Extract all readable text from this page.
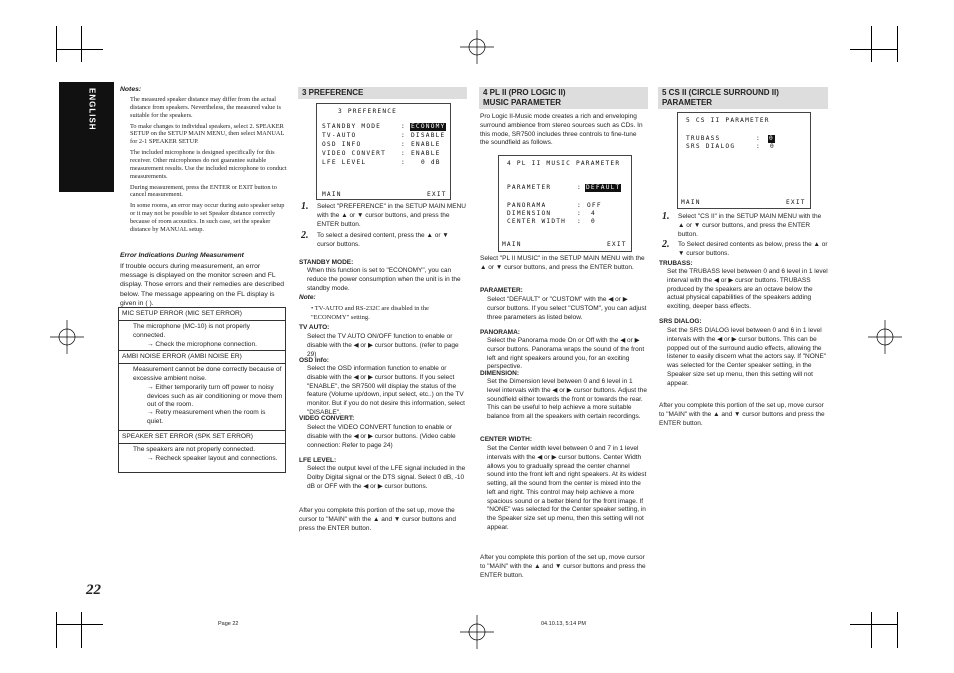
ENGLISH
22
Notes:
The measured speaker distance may differ from the actual distance from speakers. Nevertheless, the measured value is suitable for the speakers.
To make changes to individual speakers, select 2. SPEAKER SETUP on the SETUP MAIN MENU, then select MANUAL for 2-1 SPEAKER SETUP.
The included microphone is designed specifically for this receiver. Other microphones do not guarantee suitable measurement results. Use the included microphone to conduct measurements.
During measurement, press the ENTER or EXIT button to cancel measurement.
In some rooms, an error may occur during auto speaker setup or it may not be possible to set Speaker distance correctly because of room acoustics. In such case, set the speaker distance by MANUAL setup.
Error Indications During Measurement
If trouble occurs during measurement, an error message is displayed on the monitor screen and FL display. Those errors and their remedies are described below. The message appearing on the FL display is given in ( ).
MIC SETUP ERROR (MIC SET ERROR)
The microphone (MC-10) is not properly connected.
→ Check the microphone connection.
AMBI NOISE ERROR (AMBI NOISE ER)
Measurement cannot be done correctly because of excessive ambient noise.
→ Either temporarily turn off power to noisy devices such as air conditioning or move them out of the room.
→ Retry measurement when the room is quiet.
SPEAKER SET ERROR (SPK SET ERROR)
The speakers are not properly connected.
→ Recheck speaker layout and connections.
3 PREFERENCE
3 PREFERENCE
STANDBY MODE	: ECONOMY
TV-AUTO	: DISABLE
OSD INFO	: ENABLE
VIDEO CONVERT : ENABLE
LFE LEVEL	: 0 dB
MAIN	EXIT
1. Select "PREFERENCE" in the SETUP MAIN MENU with the ▲ or ▼ cursor buttons, and press the ENTER button.
2. To select a desired content, press the ▲ or ▼ cursor buttons.
STANDBY MODE:
When this function is set to "ECONOMY", you can reduce the power consumption when the unit is in the standby mode.
Note:
• TV-AUTO and RS-232C are disabled in the "ECONOMY" setting.
TV AUTO:
Select the TV AUTO ON/OFF function to enable or disable with the ◀ or ▶ cursor buttons. (refer to page 29)
OSD Info:
Select the OSD information function to enable or disable with the ◀ or ▶ cursor buttons. If you select "ENABLE", the SR7500 will display the status of the feature (Volume up/down, input select, etc..) on the TV monitor. But if you do not desire this information, select "DISABLE".
VIDEO CONVERT:
Select the VIDEO CONVERT function to enable or disable with the ◀ or ▶ cursor buttons. (Video cable connection: Refer to page 24)
LFE LEVEL:
Select the output level of the LFE signal included in the Dolby Digital signal or the DTS signal. Select 0 dB, -10 dB or OFF with the ◀ or ▶ cursor buttons.
After you complete this portion of the set up, move the cursor to "MAIN" with the ▲ and ▼ cursor buttons and press the ENTER button.
4 PL II (PRO LOGIC II)
MUSIC PARAMETER
Pro Logic II-Music mode creates a rich and enveloping surround ambience from stereo sources such as CDs. In this mode, SR7500 includes three controls to fine-tune the soundfield as follows.
4 PL II MUSIC PARAMETER
PARAMETER	: DEFAULT
PANORAMA	: OFF
DIMENSION	: 4
CENTER WIDTH : 0
MAIN	EXIT
Select "PL II MUSIC" in the SETUP MAIN MENU with the ▲ or ▼ cursor buttons, and press the ENTER button.
PARAMETER:
Select "DEFAULT" or "CUSTOM" with the ◀ or ▶ cursor buttons. If you select "CUSTOM", you can adjust three parameters as listed below.
PANORAMA:
Select the Panorama mode On or Off with the ◀ or ▶ cursor buttons. Panorama wraps the sound of the front left and right speakers around you, for an exciting perspective.
DIMENSION:
Set the Dimension level between 0 and 6 level in 1 level intervals with the ◀ or ▶ cursor buttons. Adjust the soundfield either towards the front or towards the rear. This can be useful to help achieve a more suitable balance from all the speakers with certain recordings.
CENTER WIDTH:
Set the Center width level between 0 and 7 in 1 level intervals with the ◀ or ▶ cursor buttons. Center Width allows you to gradually spread the center channel sound into the front left and right speakers. At its widest setting, all the sound from the center is mixed into the left and right. This control may help achieve a more spacious sound or a better blend for the front image. If "NONE" was selected for the Center speaker setting, in the Speaker size set up menu, then this setting will not appear.
After you complete this portion of the set up, move cursor to "MAIN" with the ▲ and ▼ cursor buttons and press the ENTER button.
5 CS II (CIRCLE SURROUND II)
PARAMETER
5 CS II PARAMETER
TRUBASS	: 0
SRS DIALOG	: 0
MAIN	EXIT
1. Select "CS II" in the SETUP MAIN MENU with the ▲ or ▼ cursor buttons, and press the ENTER button.
2. To Select desired contents as below, press the ▲ or ▼ cursor buttons.
TRUBASS:
Set the TRUBASS level between 0 and 6 level in 1 level interval with the ◀ or ▶ cursor buttons. TRUBASS produced by the speakers are an octave below the actual physical capabilities of the speakers adding exciting, deeper bass effects.
SRS DIALOG:
Set the SRS DIALOG level between 0 and 6 in 1 level intervals with the ◀ or ▶ cursor buttons. This can be popped out of the surround audio effects, allowing the listener to easily discern what the actors say. If "NONE" was selected for the Center speaker setting, in the Speaker size set up menu, then this setting will not appear.
After you complete this portion of the set up, move cursor to "MAIN" with the ▲ and ▼ cursor buttons and press the ENTER button.
Page 22	04.10.13, 5:14 PM
